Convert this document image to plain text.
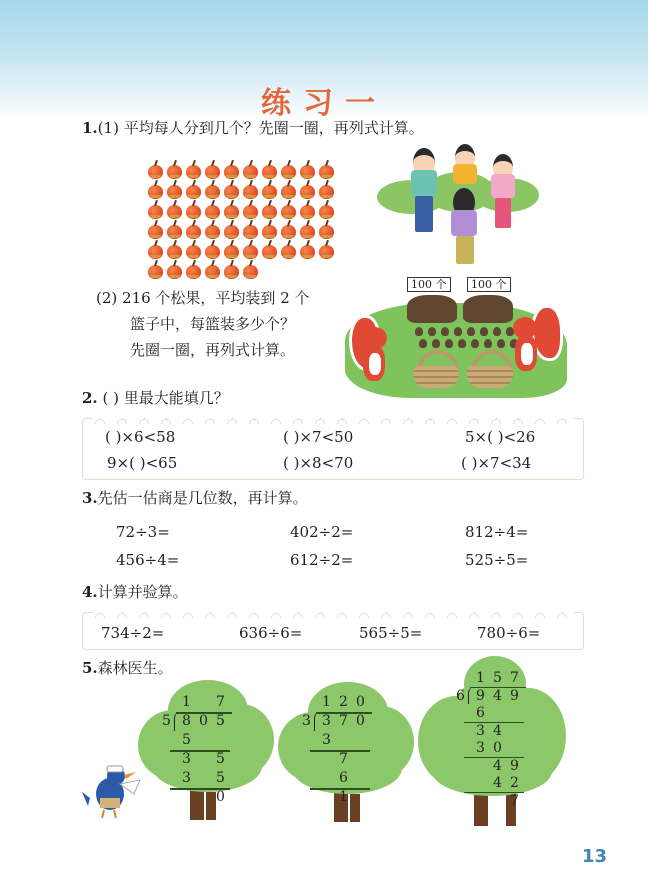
练习一
1.(1) 平均每人分到几个？先圈一圈，再列式计算。
(2) 216 个松果，平均装到 2 个
篮子中，每篮装多少个？
先圈一圈，再列式计算。
100 个	100 个
2. ( ) 里最大能填几？
( )×6<58	( )×7<50	5×( )<26
9×( )<65	( )×8<70	( )×7<34
3.先估一估商是几位数，再计算。
72÷3=	402÷2=	812÷4=
456÷4=	612÷2=	525÷5=
4.计算并验算。
734÷2=	636÷6=	565÷5=	780÷6=
5.森林医生。
1 7
5 8 0 5
5
3 5
3 5
0
1 2 0
3 3 7 0
3
7
6
1
1 5 7
6 9 4 9
6
3 4
3 0
4 9
4 2
7
13
